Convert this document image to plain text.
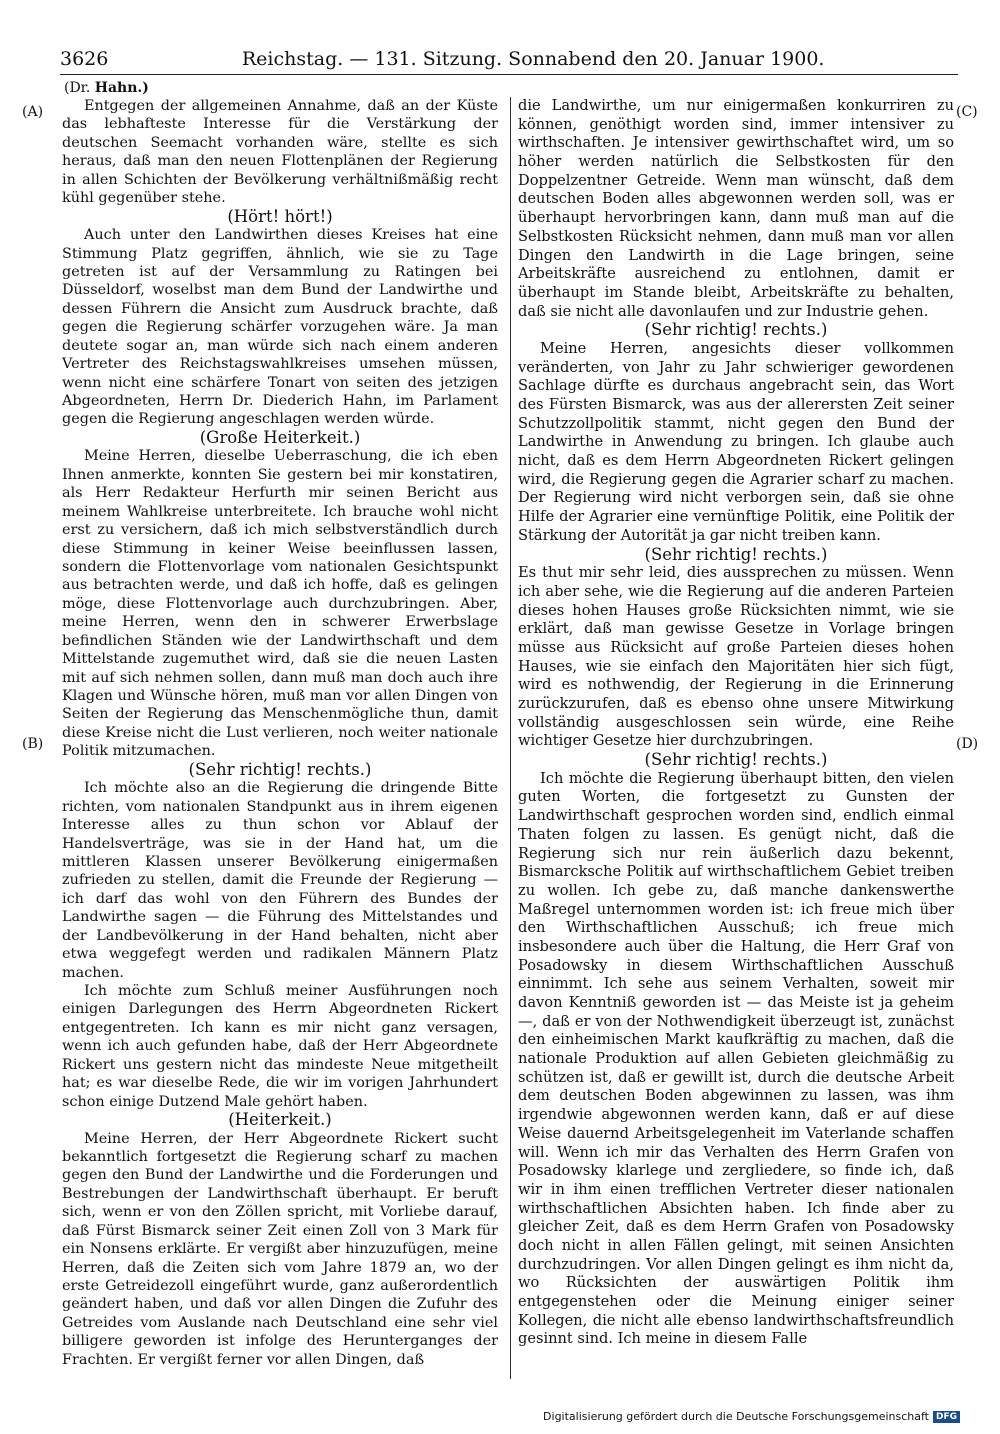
3626	Reichstag. — 131. Sitzung. Sonnabend den 20. Januar 1900.
(Dr. Hahn.)
(A)
(B)
(C)
(D)

Entgegen der allgemeinen Annahme, daß an der Küste das lebhafteste Interesse für die Verstärkung der deutschen Seemacht vorhanden wäre, stellte es sich heraus, daß man den neuen Flottenplänen der Regierung in allen Schichten der Bevölkerung verhältnißmäßig recht kühl gegenüber stehe.

(Hört! hört!)

Auch unter den Landwirthen dieses Kreises hat eine Stimmung Platz gegriffen, ähnlich, wie sie zu Tage getreten ist auf der Versammlung zu Ratingen bei Düsseldorf, woselbst man dem Bund der Landwirthe und dessen Führern die Ansicht zum Ausdruck brachte, daß gegen die Regierung schärfer vorzugehen wäre. Ja man deutete sogar an, man würde sich nach einem anderen Vertreter des Reichstagswahlkreises umsehen müssen, wenn nicht eine schärfere Tonart von seiten des jetzigen Abgeordneten, Herrn Dr. Diederich Hahn, im Parlament gegen die Regierung angeschlagen werden würde.

(Große Heiterkeit.)

Meine Herren, dieselbe Ueberraschung, die ich eben Ihnen anmerkte, konnten Sie gestern bei mir konstatiren, als Herr Redakteur Herfurth mir seinen Bericht aus meinem Wahlkreise unterbreitete. Ich brauche wohl nicht erst zu versichern, daß ich mich selbstverständlich durch diese Stimmung in keiner Weise beeinflussen lassen, sondern die Flottenvorlage vom nationalen Gesichtspunkt aus betrachten werde, und daß ich hoffe, daß es gelingen möge, diese Flottenvorlage auch durchzubringen. Aber, meine Herren, wenn den in schwerer Erwerbslage befindlichen Ständen wie der Landwirthschaft und dem Mittelstande zugemuthet wird, daß sie die neuen Lasten mit auf sich nehmen sollen, dann muß man doch auch ihre Klagen und Wünsche hören, muß man vor allen Dingen von Seiten der Regierung das Menschenmögliche thun, damit diese Kreise nicht die Lust verlieren, noch weiter nationale Politik mitzumachen.

(Sehr richtig! rechts.)

Ich möchte also an die Regierung die dringende Bitte richten, vom nationalen Standpunkt aus in ihrem eigenen Interesse alles zu thun schon vor Ablauf der Handelsverträge, was sie in der Hand hat, um die mittleren Klassen unserer Bevölkerung einigermaßen zufrieden zu stellen, damit die Freunde der Regierung — ich darf das wohl von den Führern des Bundes der Landwirthe sagen — die Führung des Mittelstandes und der Landbevölkerung in der Hand behalten, nicht aber etwa weggefegt werden und radikalen Männern Platz machen.

Ich möchte zum Schluß meiner Ausführungen noch einigen Darlegungen des Herrn Abgeordneten Rickert entgegentreten. Ich kann es mir nicht ganz versagen, wenn ich auch gefunden habe, daß der Herr Abgeordnete Rickert uns gestern nicht das mindeste Neue mitgetheilt hat; es war dieselbe Rede, die wir im vorigen Jahrhundert schon einige Dutzend Male gehört haben.

(Heiterkeit.)

Meine Herren, der Herr Abgeordnete Rickert sucht bekanntlich fortgesetzt die Regierung scharf zu machen gegen den Bund der Landwirthe und die Forderungen und Bestrebungen der Landwirthschaft überhaupt. Er beruft sich, wenn er von den Zöllen spricht, mit Vorliebe darauf, daß Fürst Bismarck seiner Zeit einen Zoll von 3 Mark für ein Nonsens erklärte. Er vergißt aber hinzuzufügen, meine Herren, daß die Zeiten sich vom Jahre 1879 an, wo der erste Getreidezoll eingeführt wurde, ganz außerordentlich geändert haben, und daß vor allen Dingen die Zufuhr des Getreides vom Auslande nach Deutschland eine sehr viel billigere geworden ist infolge des Herunterganges der Frachten. Er vergißt ferner vor allen Dingen, daß

die Landwirthe, um nur einigermaßen konkurriren zu können, genöthigt worden sind, immer intensiver zu wirthschaften. Je intensiver gewirthschaftet wird, um so höher werden natürlich die Selbstkosten für den Doppelzentner Getreide. Wenn man wünscht, daß dem deutschen Boden alles abgewonnen werden soll, was er überhaupt hervorbringen kann, dann muß man auf die Selbstkosten Rücksicht nehmen, dann muß man vor allen Dingen den Landwirth in die Lage bringen, seine Arbeitskräfte ausreichend zu entlohnen, damit er überhaupt im Stande bleibt, Arbeitskräfte zu behalten, daß sie nicht alle davonlaufen und zur Industrie gehen.

(Sehr richtig! rechts.)

Meine Herren, angesichts dieser vollkommen veränderten, von Jahr zu Jahr schwieriger gewordenen Sachlage dürfte es durchaus angebracht sein, das Wort des Fürsten Bismarck, was aus der allerersten Zeit seiner Schutzzollpolitik stammt, nicht gegen den Bund der Landwirthe in Anwendung zu bringen. Ich glaube auch nicht, daß es dem Herrn Abgeordneten Rickert gelingen wird, die Regierung gegen die Agrarier scharf zu machen. Der Regierung wird nicht verborgen sein, daß sie ohne Hilfe der Agrarier eine vernünftige Politik, eine Politik der Stärkung der Autorität ja gar nicht treiben kann.

(Sehr richtig! rechts.)

Es thut mir sehr leid, dies aussprechen zu müssen. Wenn ich aber sehe, wie die Regierung auf die anderen Parteien dieses hohen Hauses große Rücksichten nimmt, wie sie erklärt, daß man gewisse Gesetze in Vorlage bringen müsse aus Rücksicht auf große Parteien dieses hohen Hauses, wie sie einfach den Majoritäten hier sich fügt, wird es nothwendig, der Regierung in die Erinnerung zurückzurufen, daß es ebenso ohne unsere Mitwirkung vollständig ausgeschlossen sein würde, eine Reihe wichtiger Gesetze hier durchzubringen.

(Sehr richtig! rechts.)

Ich möchte die Regierung überhaupt bitten, den vielen guten Worten, die fortgesetzt zu Gunsten der Landwirthschaft gesprochen worden sind, endlich einmal Thaten folgen zu lassen. Es genügt nicht, daß die Regierung sich nur rein äußerlich dazu bekennt, Bismarcksche Politik auf wirthschaftlichem Gebiet treiben zu wollen. Ich gebe zu, daß manche dankenswerthe Maßregel unternommen worden ist: ich freue mich über den Wirthschaftlichen Ausschuß; ich freue mich insbesondere auch über die Haltung, die Herr Graf von Posadowsky in diesem Wirthschaftlichen Ausschuß einnimmt. Ich sehe aus seinem Verhalten, soweit mir davon Kenntniß geworden ist — das Meiste ist ja geheim —, daß er von der Nothwendigkeit überzeugt ist, zunächst den einheimischen Markt kaufkräftig zu machen, daß die nationale Produktion auf allen Gebieten gleichmäßig zu schützen ist, daß er gewillt ist, durch die deutsche Arbeit dem deutschen Boden abgewinnen zu lassen, was ihm irgendwie abgewonnen werden kann, daß er auf diese Weise dauernd Arbeitsgelegenheit im Vaterlande schaffen will. Wenn ich mir das Verhalten des Herrn Grafen von Posadowsky klarlege und zergliedere, so finde ich, daß wir in ihm einen trefflichen Vertreter dieser nationalen wirthschaftlichen Absichten haben. Ich finde aber zu gleicher Zeit, daß es dem Herrn Grafen von Posadowsky doch nicht in allen Fällen gelingt, mit seinen Ansichten durchzudringen. Vor allen Dingen gelingt es ihm nicht da, wo Rücksichten der auswärtigen Politik ihm entgegenstehen oder die Meinung einiger seiner Kollegen, die nicht alle ebenso landwirthschaftsfreundlich gesinnt sind. Ich meine in diesem Falle

Digitalisierung gefördert durch die Deutsche Forschungsgemeinschaft DFG
